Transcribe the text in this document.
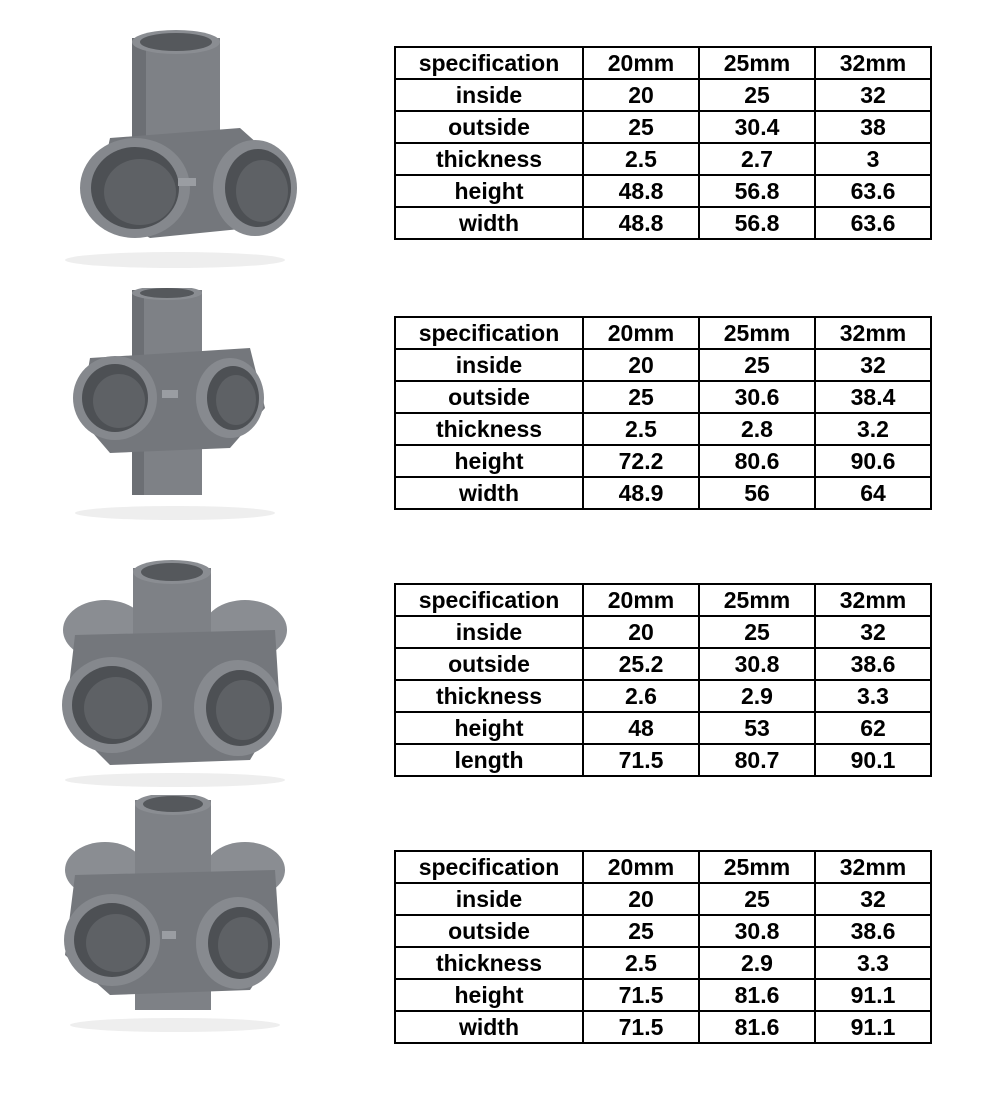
specification	20mm	25mm	32mm
inside	20	25	32
outside	25	30.4	38
thickness	2.5	2.7	3
height	48.8	56.8	63.6
width	48.8	56.8	63.6
specification	20mm	25mm	32mm
inside	20	25	32
outside	25	30.6	38.4
thickness	2.5	2.8	3.2
height	72.2	80.6	90.6
width	48.9	56	64
specification	20mm	25mm	32mm
inside	20	25	32
outside	25.2	30.8	38.6
thickness	2.6	2.9	3.3
height	48	53	62
length	71.5	80.7	90.1
specification	20mm	25mm	32mm
inside	20	25	32
outside	25	30.8	38.6
thickness	2.5	2.9	3.3
height	71.5	81.6	91.1
width	71.5	81.6	91.1
